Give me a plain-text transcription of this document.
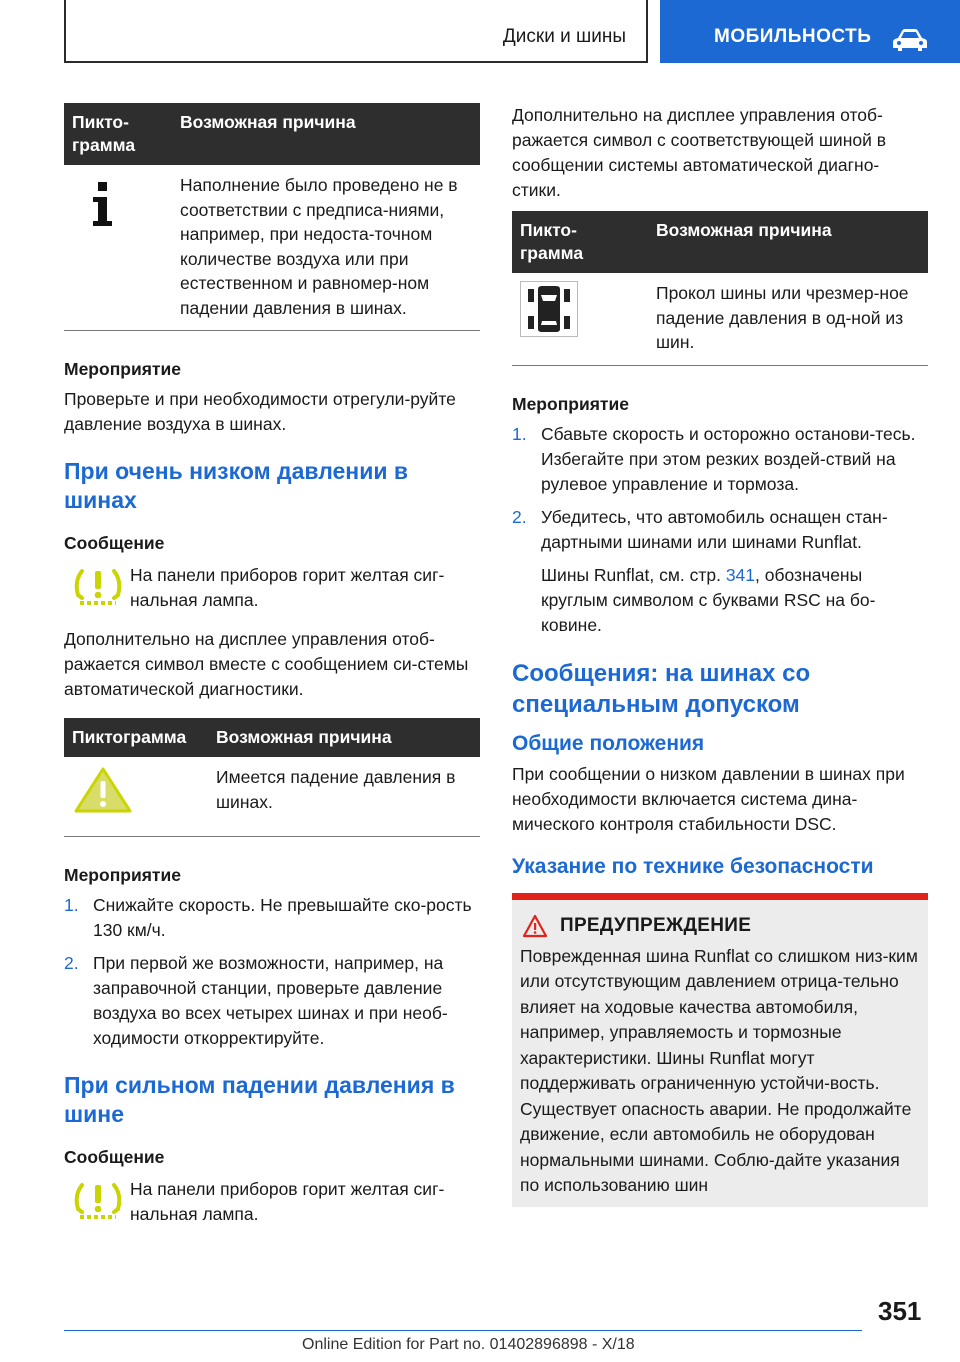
Диски и шины	МОБИЛЬНОСТЬ
Пикто-
грамма	Возможная причина

	Наполнение было проведено не в соответствии с предписа-ниями, например, при недоста-точном количестве воздуха или при естественном и равномер-ном падении давления в шинах.

Мероприятие

Проверьте и при необходимости отрегули-руйте давление воздуха в шинах.

При очень низком давлении в шинах

Сообщение

На панели приборов горит желтая сиг-нальная лампа.

Дополнительно на дисплее управления отоб-ражается символ вместе с сообщением си-стемы автоматической диагностики.

Пиктограмма	Возможная причина
	Имеется падение давления в шинах.

Мероприятие

1. Снижайте скорость. Не превышайте ско-рость 130 км/ч.
2. При первой же возможности, например, на заправочной станции, проверьте давление воздуха во всех четырех шинах и при необ-ходимости откорректируйте.
При сильном падении давления в шине

Сообщение

На панели приборов горит желтая сиг-нальная лампа.

Дополнительно на дисплее управления отоб-ражается символ с соответствующей шиной в сообщении системы автоматической диагно-стики.

Пикто-
грамма	Возможная причина
	Прокол шины или чрезмер-ное падение давления в од-ной из шин.

Мероприятие

1. Сбавьте скорость и осторожно останови-тесь. Избегайте при этом резких воздей-ствий на рулевое управление и тормоза.
2. Убедитесь, что автомобиль оснащен стан-дартными шинами или шинами Runflat.

Шины Runflat, см. стр. 341, обозначены круглым символом с буквами RSC на бо-ковине.

Сообщения: на шинах со специальным допуском
Общие положения

При сообщении о низком давлении в шинах при необходимости включается система дина-мического контроля стабильности DSC.

Указание по технике безопасности
ПРЕДУПРЕЖДЕНИЕ

Поврежденная шина Runflat со слишком низ-ким или отсутствующим давлением отрица-тельно влияет на ходовые качества автомобиля, например, управляемость и тормозные характеристики. Шины Runflat могут поддерживать ограниченную устойчи-вость. Существует опасность аварии. Не продолжайте движение, если автомобиль не оборудован нормальными шинами. Соблю-дайте указания по использованию шин

351
Online Edition for Part no. 01402896898 - X/18
